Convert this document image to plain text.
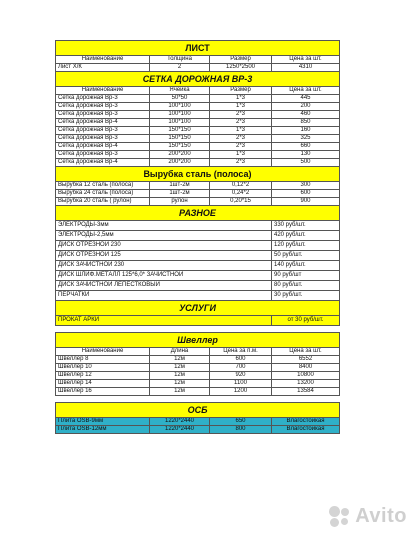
ЛИСТ			
Наименование	Толщина	Размер	Цена за шт.
Лист Х/К	2	1250*2500	4310
СЕТКА ДОРОЖНАЯ ВР-3			
Наименование	Ячейка	Размер	Цена за шт.
Сетка дорожная Вр-3	50*50	1*3	445
Сетка дорожная Вр-3	100*100	1*3	200
Сетка дорожная Вр-3	100*100	2*3	460
Сетка дорожная Вр-4	100*100	2*3	850
Сетка дорожная Вр-3	150*150	1*3	160
Сетка дорожная Вр-3	150*150	2*3	325
Сетка дорожная Вр-4	150*150	2*3	660
Сетка дорожная Вр-3	200*200	1*3	130
Сетка дорожная Вр-4	200*200	2*3	500
Вырубка сталь (полоса)			
Вырубка 12 сталь (полоса)	1шт-2м	0,12*2	300
Вырубка 24 сталь (полоса)	1шт-2м	0,24*2	600
Вырубка 20 сталь ( рулон)	рулон	0,20*15	900
РАЗНОЕ			
ЭЛЕКТРОДЫ-3мм			330 руб/шт.
ЭЛЕКТРОДЫ-2,5мм			420 руб/шт.
ДИСК ОТРЕЗНОЙ 230			120 руб/шт.
ДИСК ОТРЕЗНОЙ 125			50 руб/шт.
ДИСК ЗАЧИСТНОЙ 230			140 руб/шт.
ДИСК ШЛИФ.МЕТАЛЛ 125*6,0* ЗАЧИСТНОЙ			90 руб/шт
ДИСК ЗАЧИСТНОЙ ЛЕПЕСТКОВЫЙ			80 руб/шт.
ПЕРЧАТКИ			30 руб/шт.
УСЛУГИ			
ПРОКАТ АРКИ			от 30 руб/шт.

Швеллер			
Наименование	Длина	Цена за п.м.	Цена за шт.
Швеллер 8	12м	600	6552
Швеллер 10	12м	700	8400
Швеллер 12	12м	920	10800
Швеллер 14	12м	1100	13200
Швеллер 16	12м	1200	13584

ОСБ			
Плита OSB-9мм	1220*2440	650	Влагостойкая
Плита OSB-12мм	1220*2440	800	Влагостойкая
Avito
